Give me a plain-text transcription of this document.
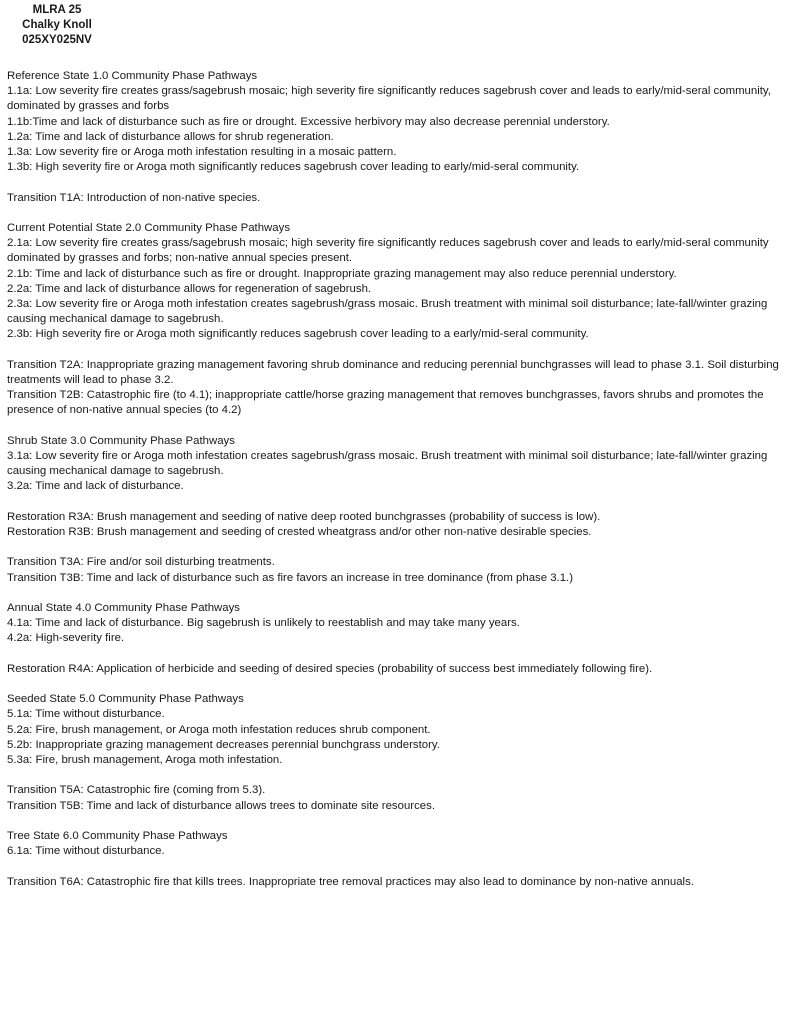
MLRA 25
Chalky Knoll
025XY025NV
Reference State 1.0 Community Phase Pathways
1.1a: Low severity fire creates grass/sagebrush mosaic; high severity fire significantly reduces sagebrush cover and leads to early/mid-seral community, dominated by grasses and forbs
1.1b:Time and lack of disturbance such as fire or drought. Excessive herbivory may also decrease perennial understory.
1.2a: Time and lack of disturbance allows for shrub regeneration.
1.3a: Low severity fire or Aroga moth infestation resulting in a mosaic pattern.
1.3b: High severity fire or Aroga moth significantly reduces sagebrush cover leading to early/mid-seral community.
Transition T1A: Introduction of non-native species.
Current Potential State 2.0 Community Phase Pathways
2.1a: Low severity fire creates grass/sagebrush mosaic; high severity fire significantly reduces sagebrush cover and leads to early/mid-seral community dominated by grasses and forbs; non-native annual species present.
2.1b: Time and lack of disturbance such as fire or drought. Inappropriate grazing management may also reduce perennial understory.
2.2a: Time and lack of disturbance allows for regeneration of sagebrush.
2.3a: Low severity fire or Aroga moth infestation creates sagebrush/grass mosaic. Brush treatment with minimal soil disturbance; late-fall/winter grazing causing mechanical damage to sagebrush.
2.3b: High severity fire or Aroga moth significantly reduces sagebrush cover leading to a early/mid-seral community.
Transition T2A: Inappropriate grazing management favoring shrub dominance and reducing perennial bunchgrasses will lead to phase 3.1. Soil disturbing treatments will lead to phase 3.2.
Transition T2B: Catastrophic fire (to 4.1); inappropriate cattle/horse grazing management that removes bunchgrasses, favors shrubs and promotes the presence of non-native annual species (to 4.2)
Shrub State 3.0 Community Phase Pathways
3.1a: Low severity fire or Aroga moth infestation creates sagebrush/grass mosaic. Brush treatment with minimal soil disturbance; late-fall/winter grazing causing mechanical damage to sagebrush.
3.2a: Time and lack of disturbance.
Restoration R3A: Brush management and seeding of native deep rooted bunchgrasses (probability of success is low).
Restoration R3B: Brush management and seeding of crested wheatgrass and/or other non-native desirable species.
Transition T3A: Fire and/or soil disturbing treatments.
Transition T3B: Time and lack of disturbance such as fire favors an increase in tree dominance (from phase 3.1.)
Annual State 4.0 Community Phase Pathways
4.1a: Time and lack of disturbance. Big sagebrush is unlikely to reestablish and may take many years.
4.2a: High-severity fire.
Restoration R4A: Application of herbicide and seeding of desired species (probability of success best immediately following fire).
Seeded State 5.0 Community Phase Pathways
5.1a: Time without disturbance.
5.2a: Fire, brush management, or Aroga moth infestation reduces shrub component.
5.2b: Inappropriate grazing management decreases perennial bunchgrass understory.
5.3a: Fire, brush management, Aroga moth infestation.
Transition T5A: Catastrophic fire (coming from 5.3).
Transition T5B: Time and lack of disturbance allows trees to dominate site resources.
Tree State 6.0 Community Phase Pathways
6.1a: Time without disturbance.
Transition T6A: Catastrophic fire that kills trees. Inappropriate tree removal practices may also lead to dominance by non-native annuals.
